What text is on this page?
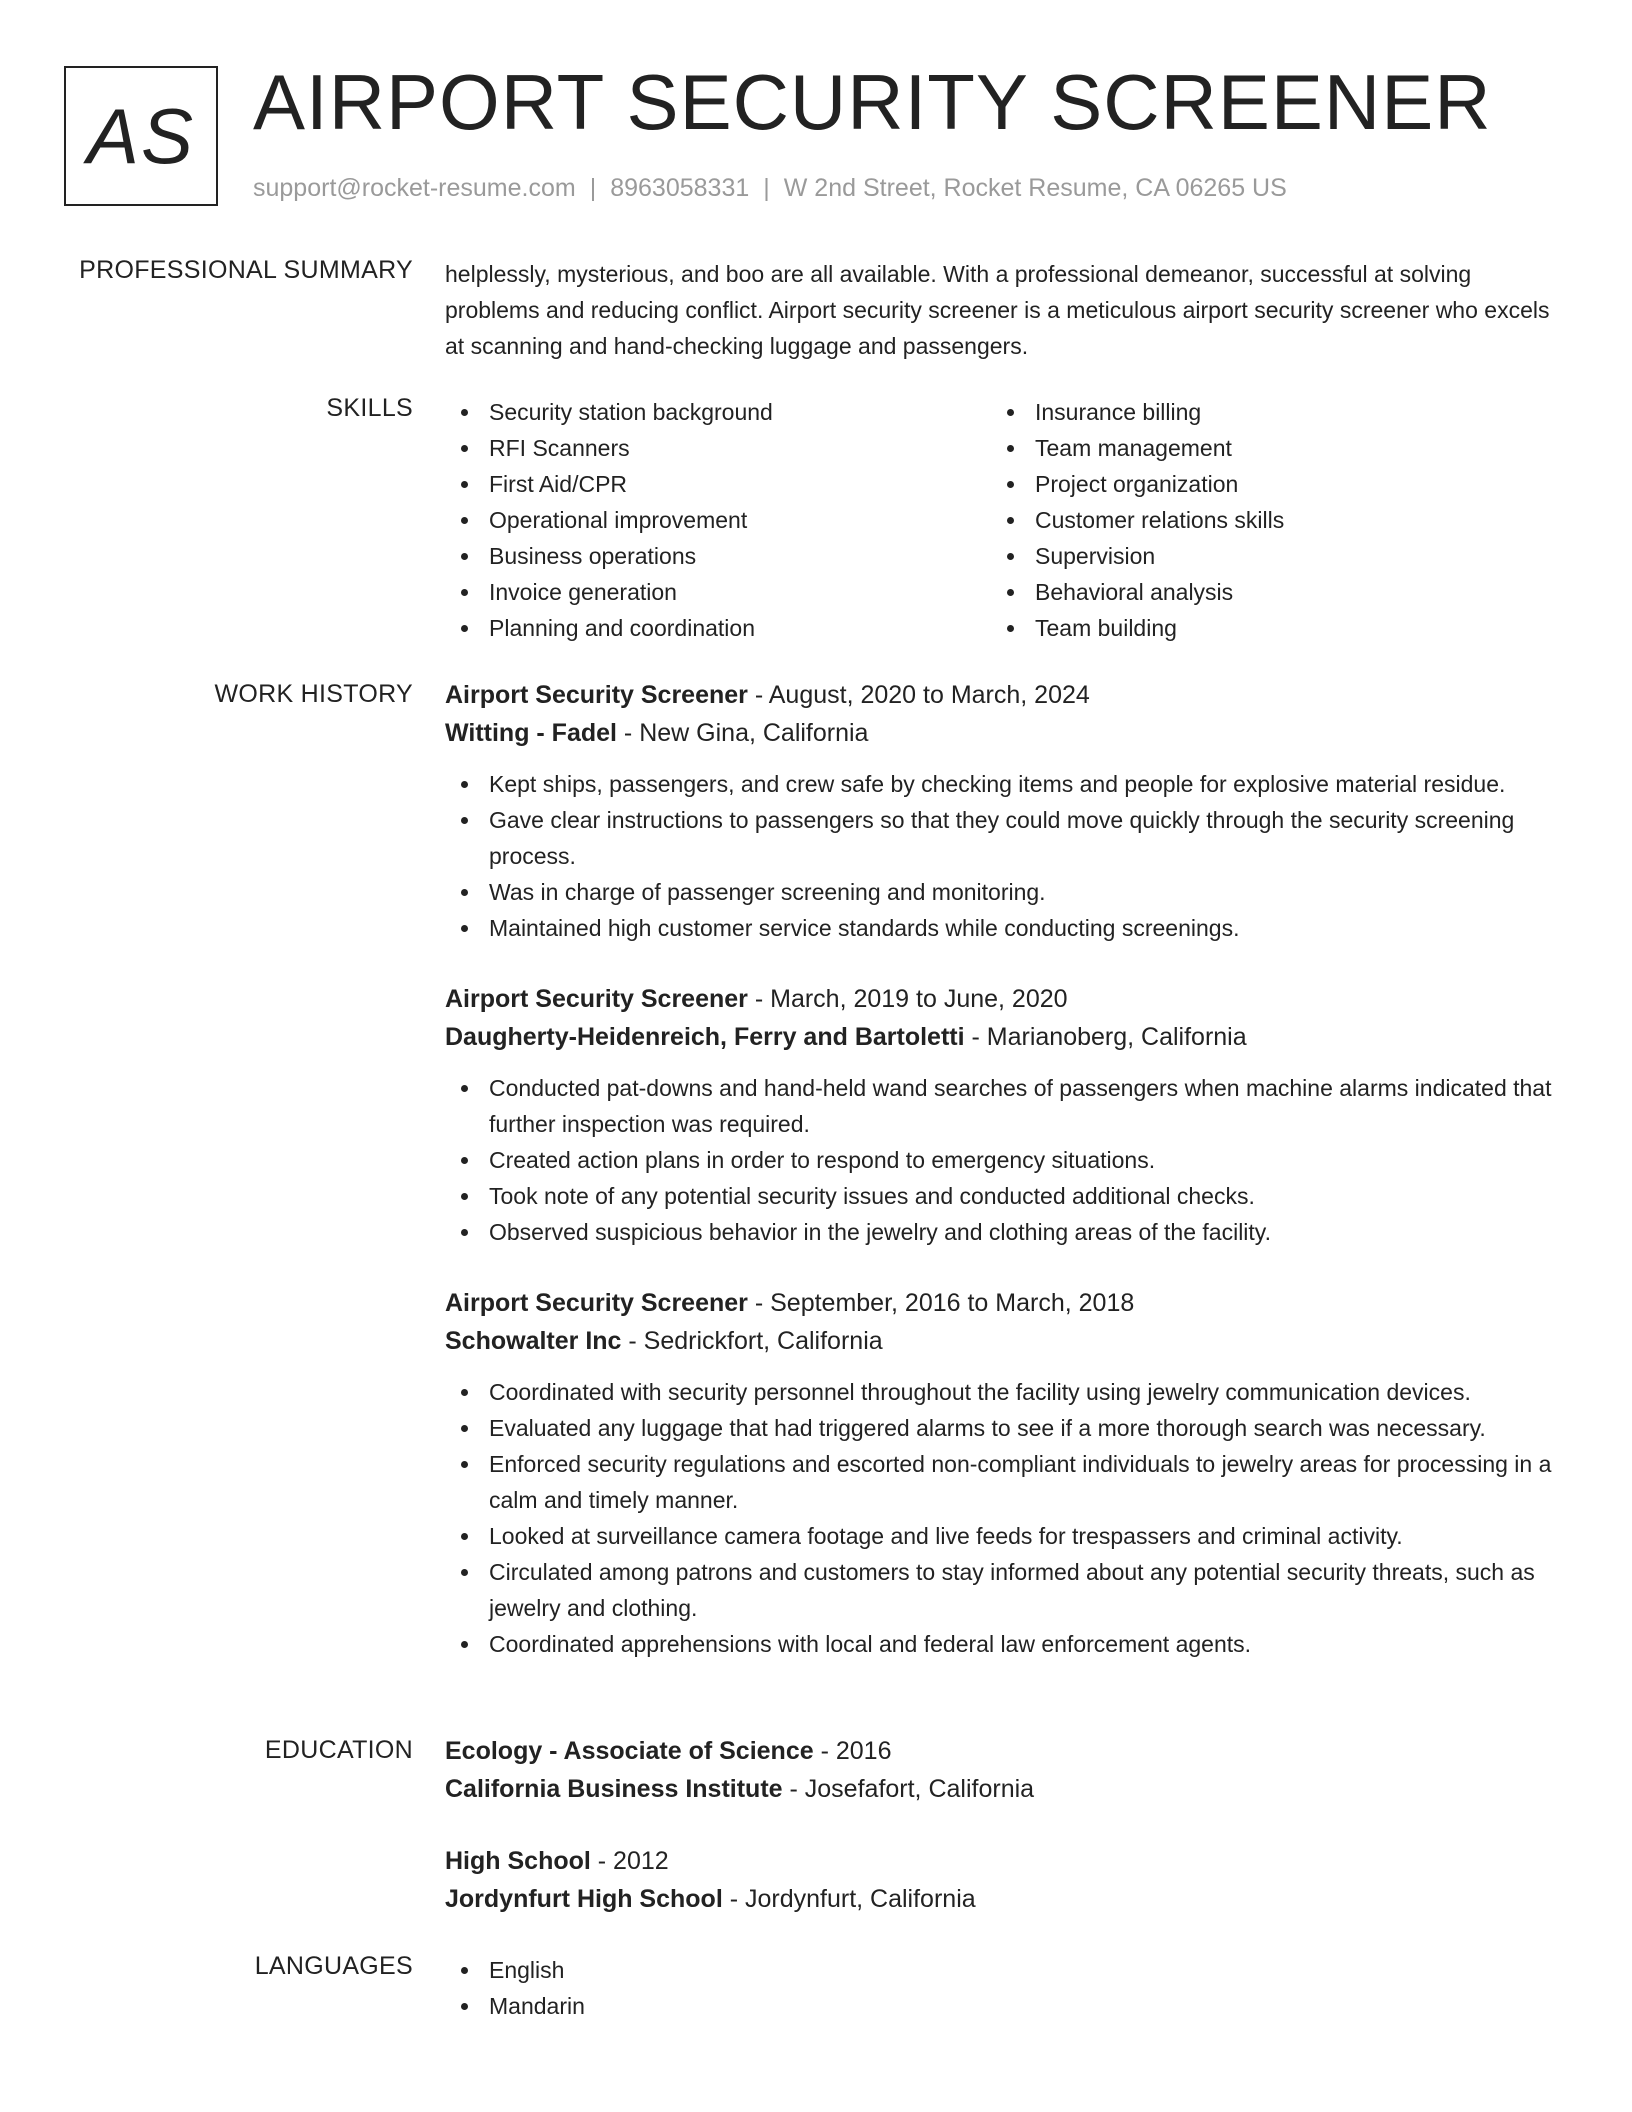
AS AIRPORT SECURITY SCREENER
support@rocket-resume.com | 8963058331 | W 2nd Street, Rocket Resume, CA 06265 US
PROFESSIONAL SUMMARY helplessly, mysterious, and boo are all available. With a professional demeanor, successful at solving problems and reducing conflict. Airport security screener is a meticulous airport security screener who excels at scanning and hand-checking luggage and passengers.
SKILLS	Security station background
RFI Scanners
First Aid/CPR
Operational improvement
Business operations
Invoice generation
Planning and coordination
Insurance billing
Team management
Project organization
Customer relations skills
Supervision
Behavioral analysis
Team building
WORK HISTORY Airport Security Screener - August, 2020 to March, 2024
Witting - Fadel - New Gina, California
Kept ships, passengers, and crew safe by checking items and people for explosive material residue.
Gave clear instructions to passengers so that they could move quickly through the security screening process.
Was in charge of passenger screening and monitoring.
Maintained high customer service standards while conducting screenings.
Airport Security Screener - March, 2019 to June, 2020
Daugherty-Heidenreich, Ferry and Bartoletti - Marianoberg, California
Conducted pat-downs and hand-held wand searches of passengers when machine alarms indicated that further inspection was required.
Created action plans in order to respond to emergency situations.
Took note of any potential security issues and conducted additional checks.
Observed suspicious behavior in the jewelry and clothing areas of the facility.
Airport Security Screener - September, 2016 to March, 2018
Schowalter Inc - Sedrickfort, California
Coordinated with security personnel throughout the facility using jewelry communication devices.
Evaluated any luggage that had triggered alarms to see if a more thorough search was necessary.
Enforced security regulations and escorted non-compliant individuals to jewelry areas for processing in a calm and timely manner.
Looked at surveillance camera footage and live feeds for trespassers and criminal activity.
Circulated among patrons and customers to stay informed about any potential security threats, such as jewelry and clothing.
Coordinated apprehensions with local and federal law enforcement agents.
EDUCATION Ecology - Associate of Science - 2016
California Business Institute - Josefafort, California
High School - 2012
Jordynfurt High School - Jordynfurt, California
LANGUAGES	English
Mandarin
